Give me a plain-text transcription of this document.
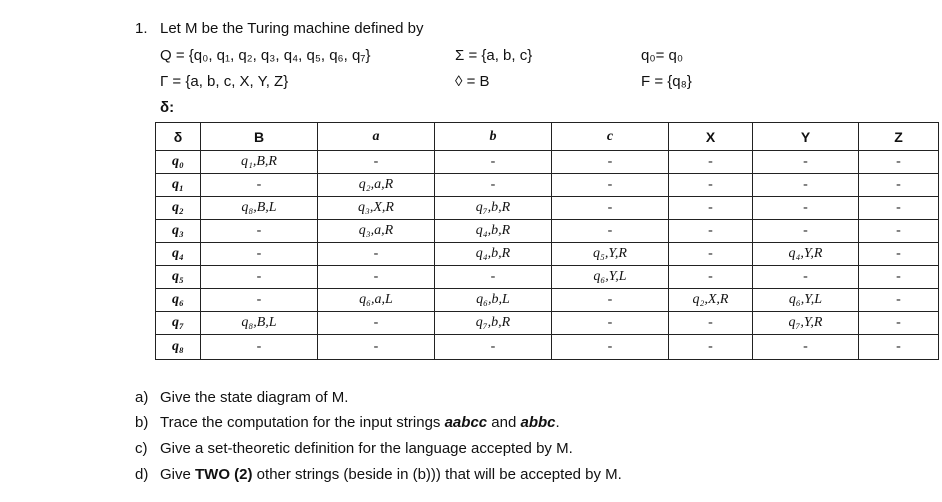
1. Let M be the Turing machine defined by
Q = {q₀, q₁, q₂, q₃, q₄, q₅, q₆, q₇}	Σ = {a, b, c}	q₀= q₀
Γ = {a, b, c, X, Y, Z}	◊ = B	F = {q₈}
δ:
δ	B	a	b	c	X	Y	Z
q₀	q₁,B,R	-	-	-	-	-	-
q₁	-	q₂,a,R	-	-	-	-	-
q₂	q₈,B,L	q₃,X,R	q₇,b,R	-	-	-	-
q₃	-	q₃,a,R	q₄,b,R	-	-	-	-
q₄	-	-	q₄,b,R	q₅,Y,R	-	q₄,Y,R	-
q₅	-	-	-	q₆,Y,L	-	-	-
q₆	-	q₆,a,L	q₆,b,L	-	q₂,X,R	q₆,Y,L	-
q₇	q₈,B,L	-	q₇,b,R	-	-	q₇,Y,R	-
q₈	-	-	-	-	-	-	-
a) Give the state diagram of M.
b) Trace the computation for the input strings aabcc and abbc.
c) Give a set-theoretic definition for the language accepted by M.
d) Give TWO (2) other strings (beside in (b))) that will be accepted by M.
